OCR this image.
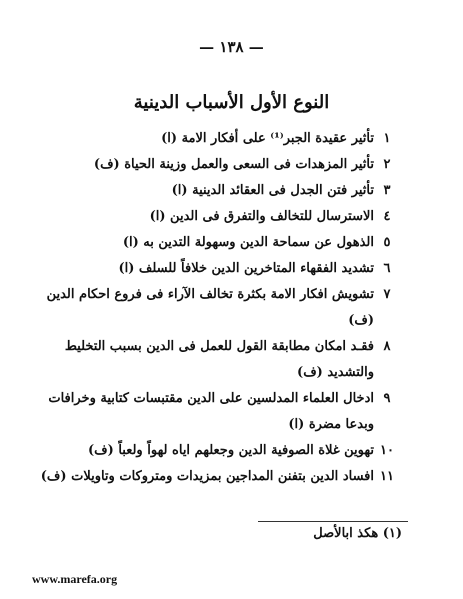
— ١٣٨ —
النوع الأول الأسباب الدينية
١
تأثير عقيدة الجبر⁽¹⁾ على أفكار الامة (ا)
٢
تأثير المزهدات فى السعى والعمل وزينة الحياة (ف)
٣
تأثير فتن الجدل فى العقائد الدينية (ا)
٤
الاسترسال للتخالف والتفرق فى الدين (ا)
٥
الذهول عن سماحة الدين وسهولة التدين به (ا)
٦
تشديد الفقهاء المتاخرين الدين خلافاً للسلف (ا)
٧
تشويش افكار الامة بكثرة تخالف الآراء فى فروع احكام الدين (ف)
٨
فقـد امكان مطابقة القول للعمل فى الدين بسبب التخليط والتشديد (ف)
٩
ادخال العلماء المدلسين على الدين مقتبسات كتابية وخرافات وبدعا مضرة (ا)
١٠
تهوين غلاة الصوفية الدين وجعلهم اياه لهواً ولعباً (ف)
١١
افساد الدين بتفنن المداجين بمزيدات ومتروكات وتاويلات (ف)
(١) هكذ ابالأصل
www.marefa.org
